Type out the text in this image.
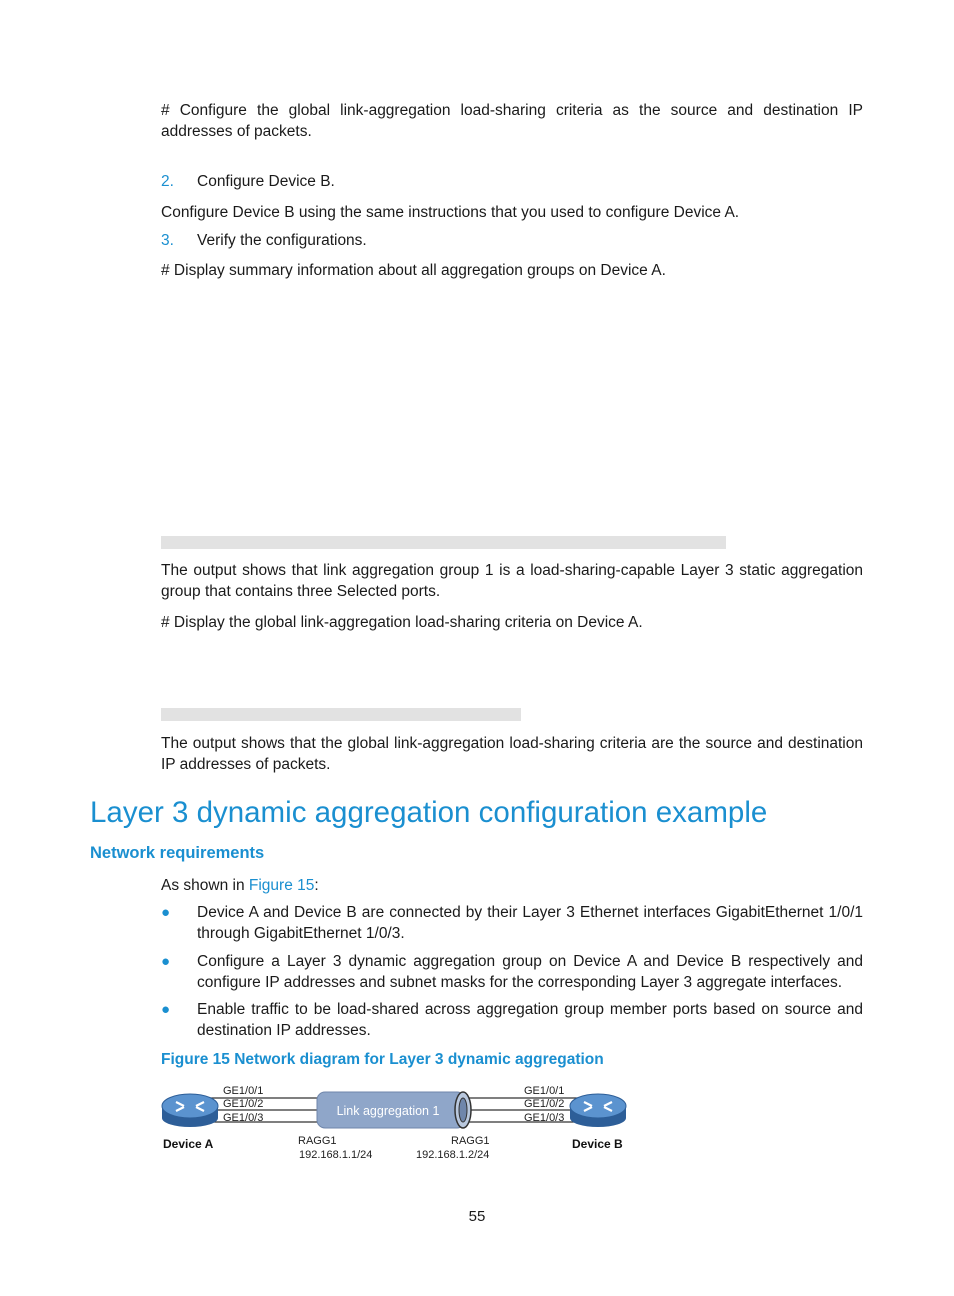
# Configure the global link-aggregation load-sharing criteria as the source and destination IP addresses of packets.

2. Configure Device B.

Configure Device B using the same instructions that you used to configure Device A.

3. Verify the configurations.

# Display summary information about all aggregation groups on Device A.

The output shows that link aggregation group 1 is a load-sharing-capable Layer 3 static aggregation group that contains three Selected ports.

# Display the global link-aggregation load-sharing criteria on Device A.

The output shows that the global link-aggregation load-sharing criteria are the source and destination IP addresses of packets.

Layer 3 dynamic aggregation configuration example
Network requirements
As shown in Figure 15:
● Device A and Device B are connected by their Layer 3 Ethernet interfaces GigabitEthernet 1/0/1 through GigabitEthernet 1/0/3.
● Configure a Layer 3 dynamic aggregation group on Device A and Device B respectively and configure IP addresses and subnet masks for the corresponding Layer 3 aggregate interfaces.
● Enable traffic to be load-shared across aggregation group member ports based on source and destination IP addresses.
Figure 15 Network diagram for Layer 3 dynamic aggregation
Link aggregation 1
GE1/0/1
GE1/0/2
GE1/0/3
GE1/0/1
GE1/0/2
GE1/0/3
Device A	Device B
RAGG1
192.168.1.1/24
RAGG1
192.168.1.2/24
55
